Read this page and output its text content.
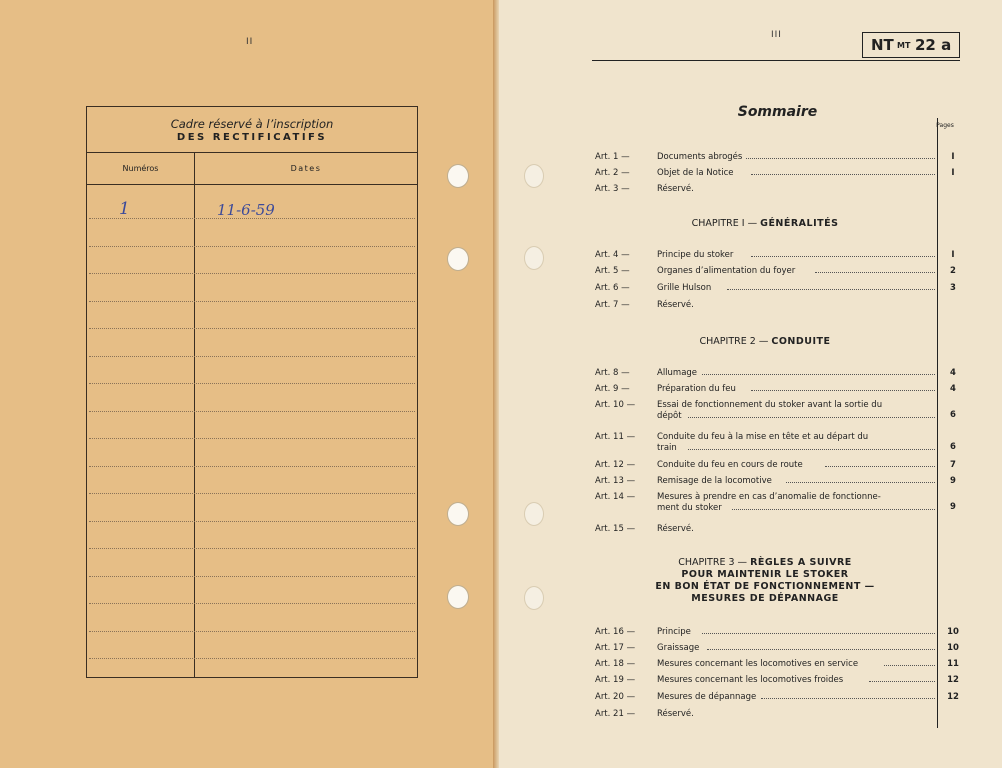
II
Cadre réservé à l’inscription
DES RECTIFICATIFS
Numéros	Dates
1	11-6-59
III
NT MT 22 a
Sommaire
Pages
Art. 1 —	Documents abrogés	I
Art. 2 —	Objet de la Notice	I
Art. 3 —	Réservé.
CHAPITRE I — GÉNÉRALITÉS
Art. 4 —	Principe du stoker	I
Art. 5 —	Organes d’alimentation du foyer	2
Art. 6 —	Grille Hulson	3
Art. 7 —	Réservé.
CHAPITRE 2 — CONDUITE
Art. 8 —	Allumage	4
Art. 9 —	Préparation du feu	4
Art. 10 —	Essai de fonctionnement du stoker avant la sortie du
dépôt	6
Art. 11 —	Conduite du feu à la mise en tête et au départ du
train	6
Art. 12 —	Conduite du feu en cours de route	7
Art. 13 —	Remisage de la locomotive	9
Art. 14 —	Mesures à prendre en cas d’anomalie de fonctionne-
ment du stoker	9
Art. 15 —	Réservé.
CHAPITRE 3 — RÈGLES A SUIVRE

POUR MAINTENIR LE STOKER
EN BON ÉTAT DE FONCTIONNEMENT —
MESURES DE DÉPANNAGE
Art. 16 —	Principe	10
Art. 17 —	Graissage	10
Art. 18 —	Mesures concernant les locomotives en service	11
Art. 19 —	Mesures concernant les locomotives froides	12
Art. 20 —	Mesures de dépannage	12
Art. 21 —	Réservé.
